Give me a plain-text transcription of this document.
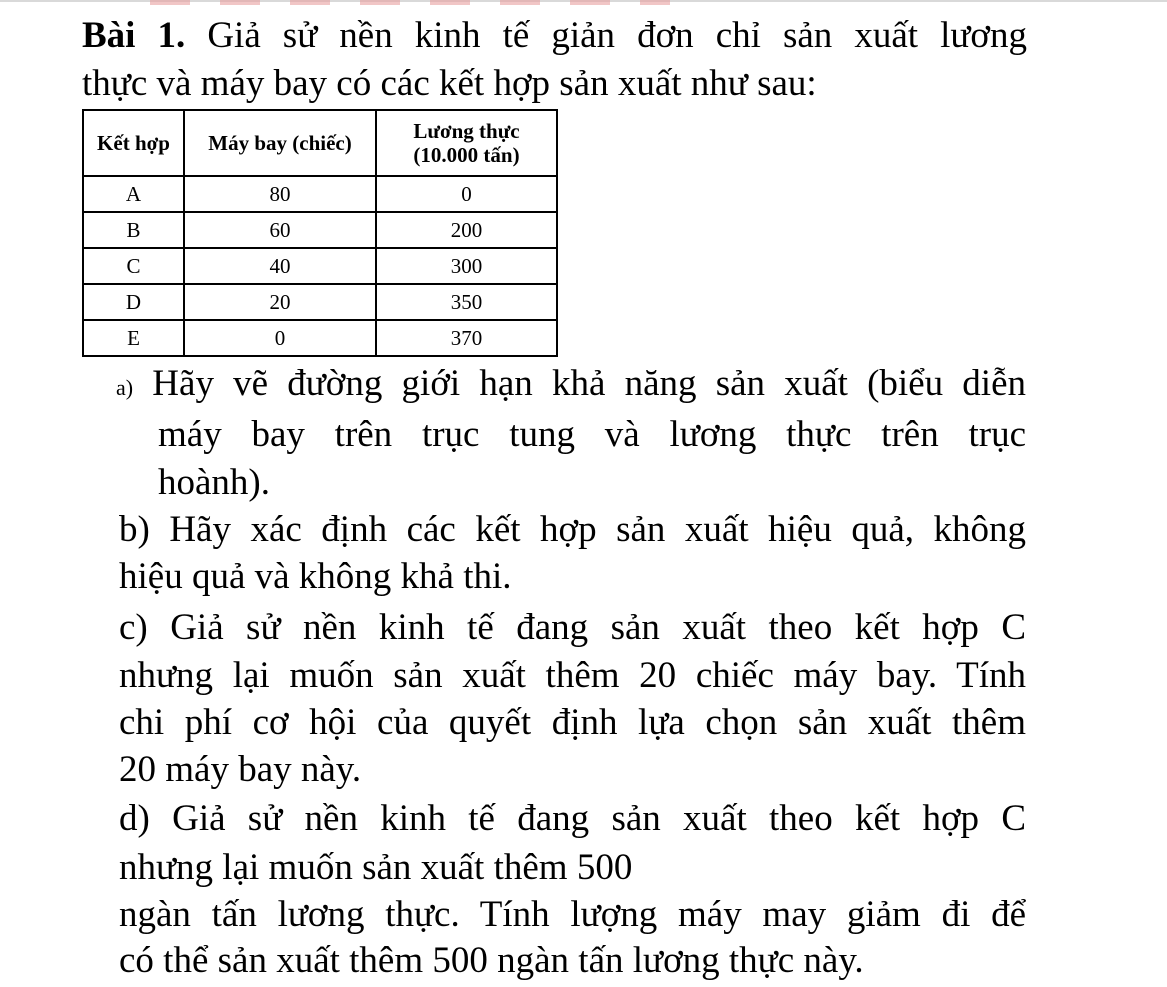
Bài 1. Giả sử nền kinh tế giản đơn chỉ sản xuất lương
thực và máy bay có các kết hợp sản xuất như sau:
Kết hợp	Máy bay (chiếc)	Lương thực
(10.000 tấn)
A	80	0
B	60	200
C	40	300
D	20	350
E	0	370
a) Hãy vẽ đường giới hạn khả năng sản xuất (biểu diễn
máy bay trên trục tung và lương thực trên trục
hoành).
b) Hãy xác định các kết hợp sản xuất hiệu quả, không
hiệu quả và không khả thi.
c) Giả sử nền kinh tế đang sản xuất theo kết hợp C
nhưng lại muốn sản xuất thêm 20 chiếc máy bay. Tính
chi phí cơ hội của quyết định lựa chọn sản xuất thêm
20 máy bay này.
d) Giả sử nền kinh tế đang sản xuất theo kết hợp C
nhưng lại muốn sản xuất thêm 500
ngàn tấn lương thực. Tính lượng máy may giảm đi để
có thể sản xuất thêm 500 ngàn tấn lương thực này.
